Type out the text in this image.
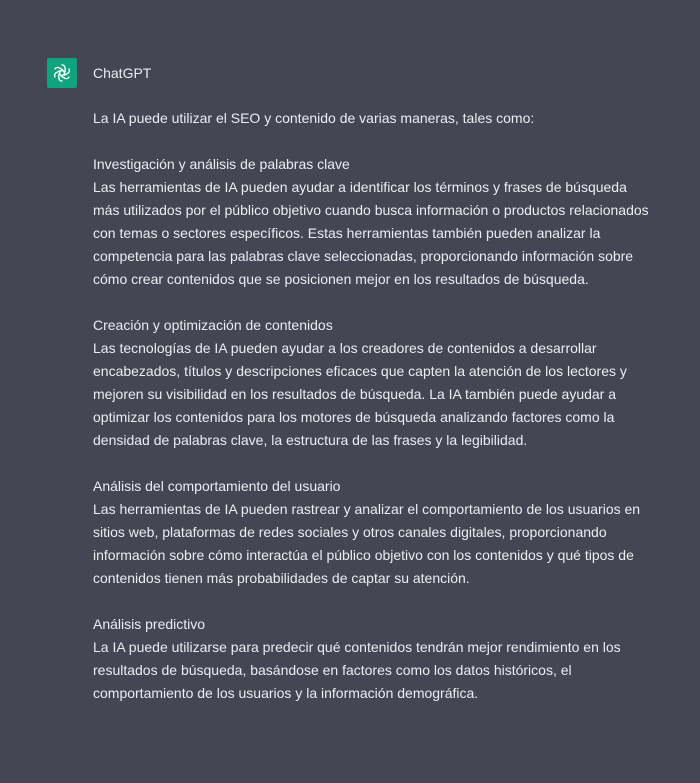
ChatGPT

La IA puede utilizar el SEO y contenido de varias maneras, tales como:

Investigación y análisis de palabras clave
Las herramientas de IA pueden ayudar a identificar los términos y frases de búsqueda más utilizados por el público objetivo cuando busca información o productos relacionados con temas o sectores específicos. Estas herramientas también pueden analizar la competencia para las palabras clave seleccionadas, proporcionando información sobre cómo crear contenidos que se posicionen mejor en los resultados de búsqueda.
Creación y optimización de contenidos
Las tecnologías de IA pueden ayudar a los creadores de contenidos a desarrollar encabezados, títulos y descripciones eficaces que capten la atención de los lectores y mejoren su visibilidad en los resultados de búsqueda. La IA también puede ayudar a optimizar los contenidos para los motores de búsqueda analizando factores como la densidad de palabras clave, la estructura de las frases y la legibilidad.
Análisis del comportamiento del usuario
Las herramientas de IA pueden rastrear y analizar el comportamiento de los usuarios en sitios web, plataformas de redes sociales y otros canales digitales, proporcionando información sobre cómo interactúa el público objetivo con los contenidos y qué tipos de contenidos tienen más probabilidades de captar su atención.
Análisis predictivo
La IA puede utilizarse para predecir qué contenidos tendrán mejor rendimiento en los resultados de búsqueda, basándose en factores como los datos históricos, el comportamiento de los usuarios y la información demográfica.
